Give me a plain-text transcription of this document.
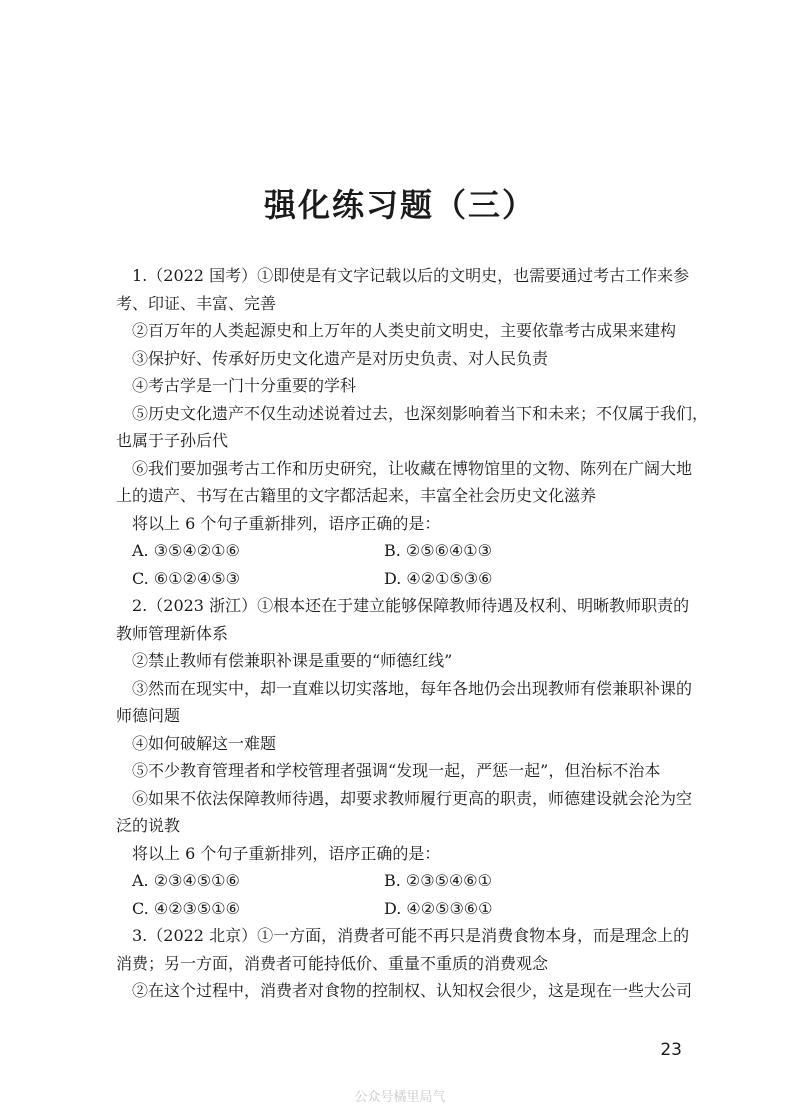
强化练习题（三）
1.（2022 国考）①即使是有文字记载以后的文明史，也需要通过考古工作来参
考、印证、丰富、完善
②百万年的人类起源史和上万年的人类史前文明史，主要依靠考古成果来建构
③保护好、传承好历史文化遗产是对历史负责、对人民负责
④考古学是一门十分重要的学科
⑤历史文化遗产不仅生动述说着过去，也深刻影响着当下和未来；不仅属于我们，
也属于子孙后代
⑥我们要加强考古工作和历史研究，让收藏在博物馆里的文物、陈列在广阔大地
上的遗产、书写在古籍里的文字都活起来，丰富全社会历史文化滋养
将以上 6 个句子重新排列，语序正确的是：
A. ③⑤④②①⑥	B. ②⑤⑥④①③
C. ⑥①②④⑤③	D. ④②①⑤③⑥
2.（2023 浙江）①根本还在于建立能够保障教师待遇及权利、明晰教师职责的
教师管理新体系
②禁止教师有偿兼职补课是重要的“师德红线”
③然而在现实中，却一直难以切实落地，每年各地仍会出现教师有偿兼职补课的
师德问题
④如何破解这一难题
⑤不少教育管理者和学校管理者强调“发现一起，严惩一起”，但治标不治本
⑥如果不依法保障教师待遇，却要求教师履行更高的职责，师德建设就会沦为空
泛的说教
将以上 6 个句子重新排列，语序正确的是：
A. ②③④⑤①⑥	B. ②③⑤④⑥①
C. ④②③⑤①⑥	D. ④②⑤③⑥①
3.（2022 北京）①一方面，消费者可能不再只是消费食物本身，而是理念上的
消费；另一方面，消费者可能持低价、重量不重质的消费观念
②在这个过程中，消费者对食物的控制权、认知权会很少，这是现在一些大公司
23
公众号橘里局气
